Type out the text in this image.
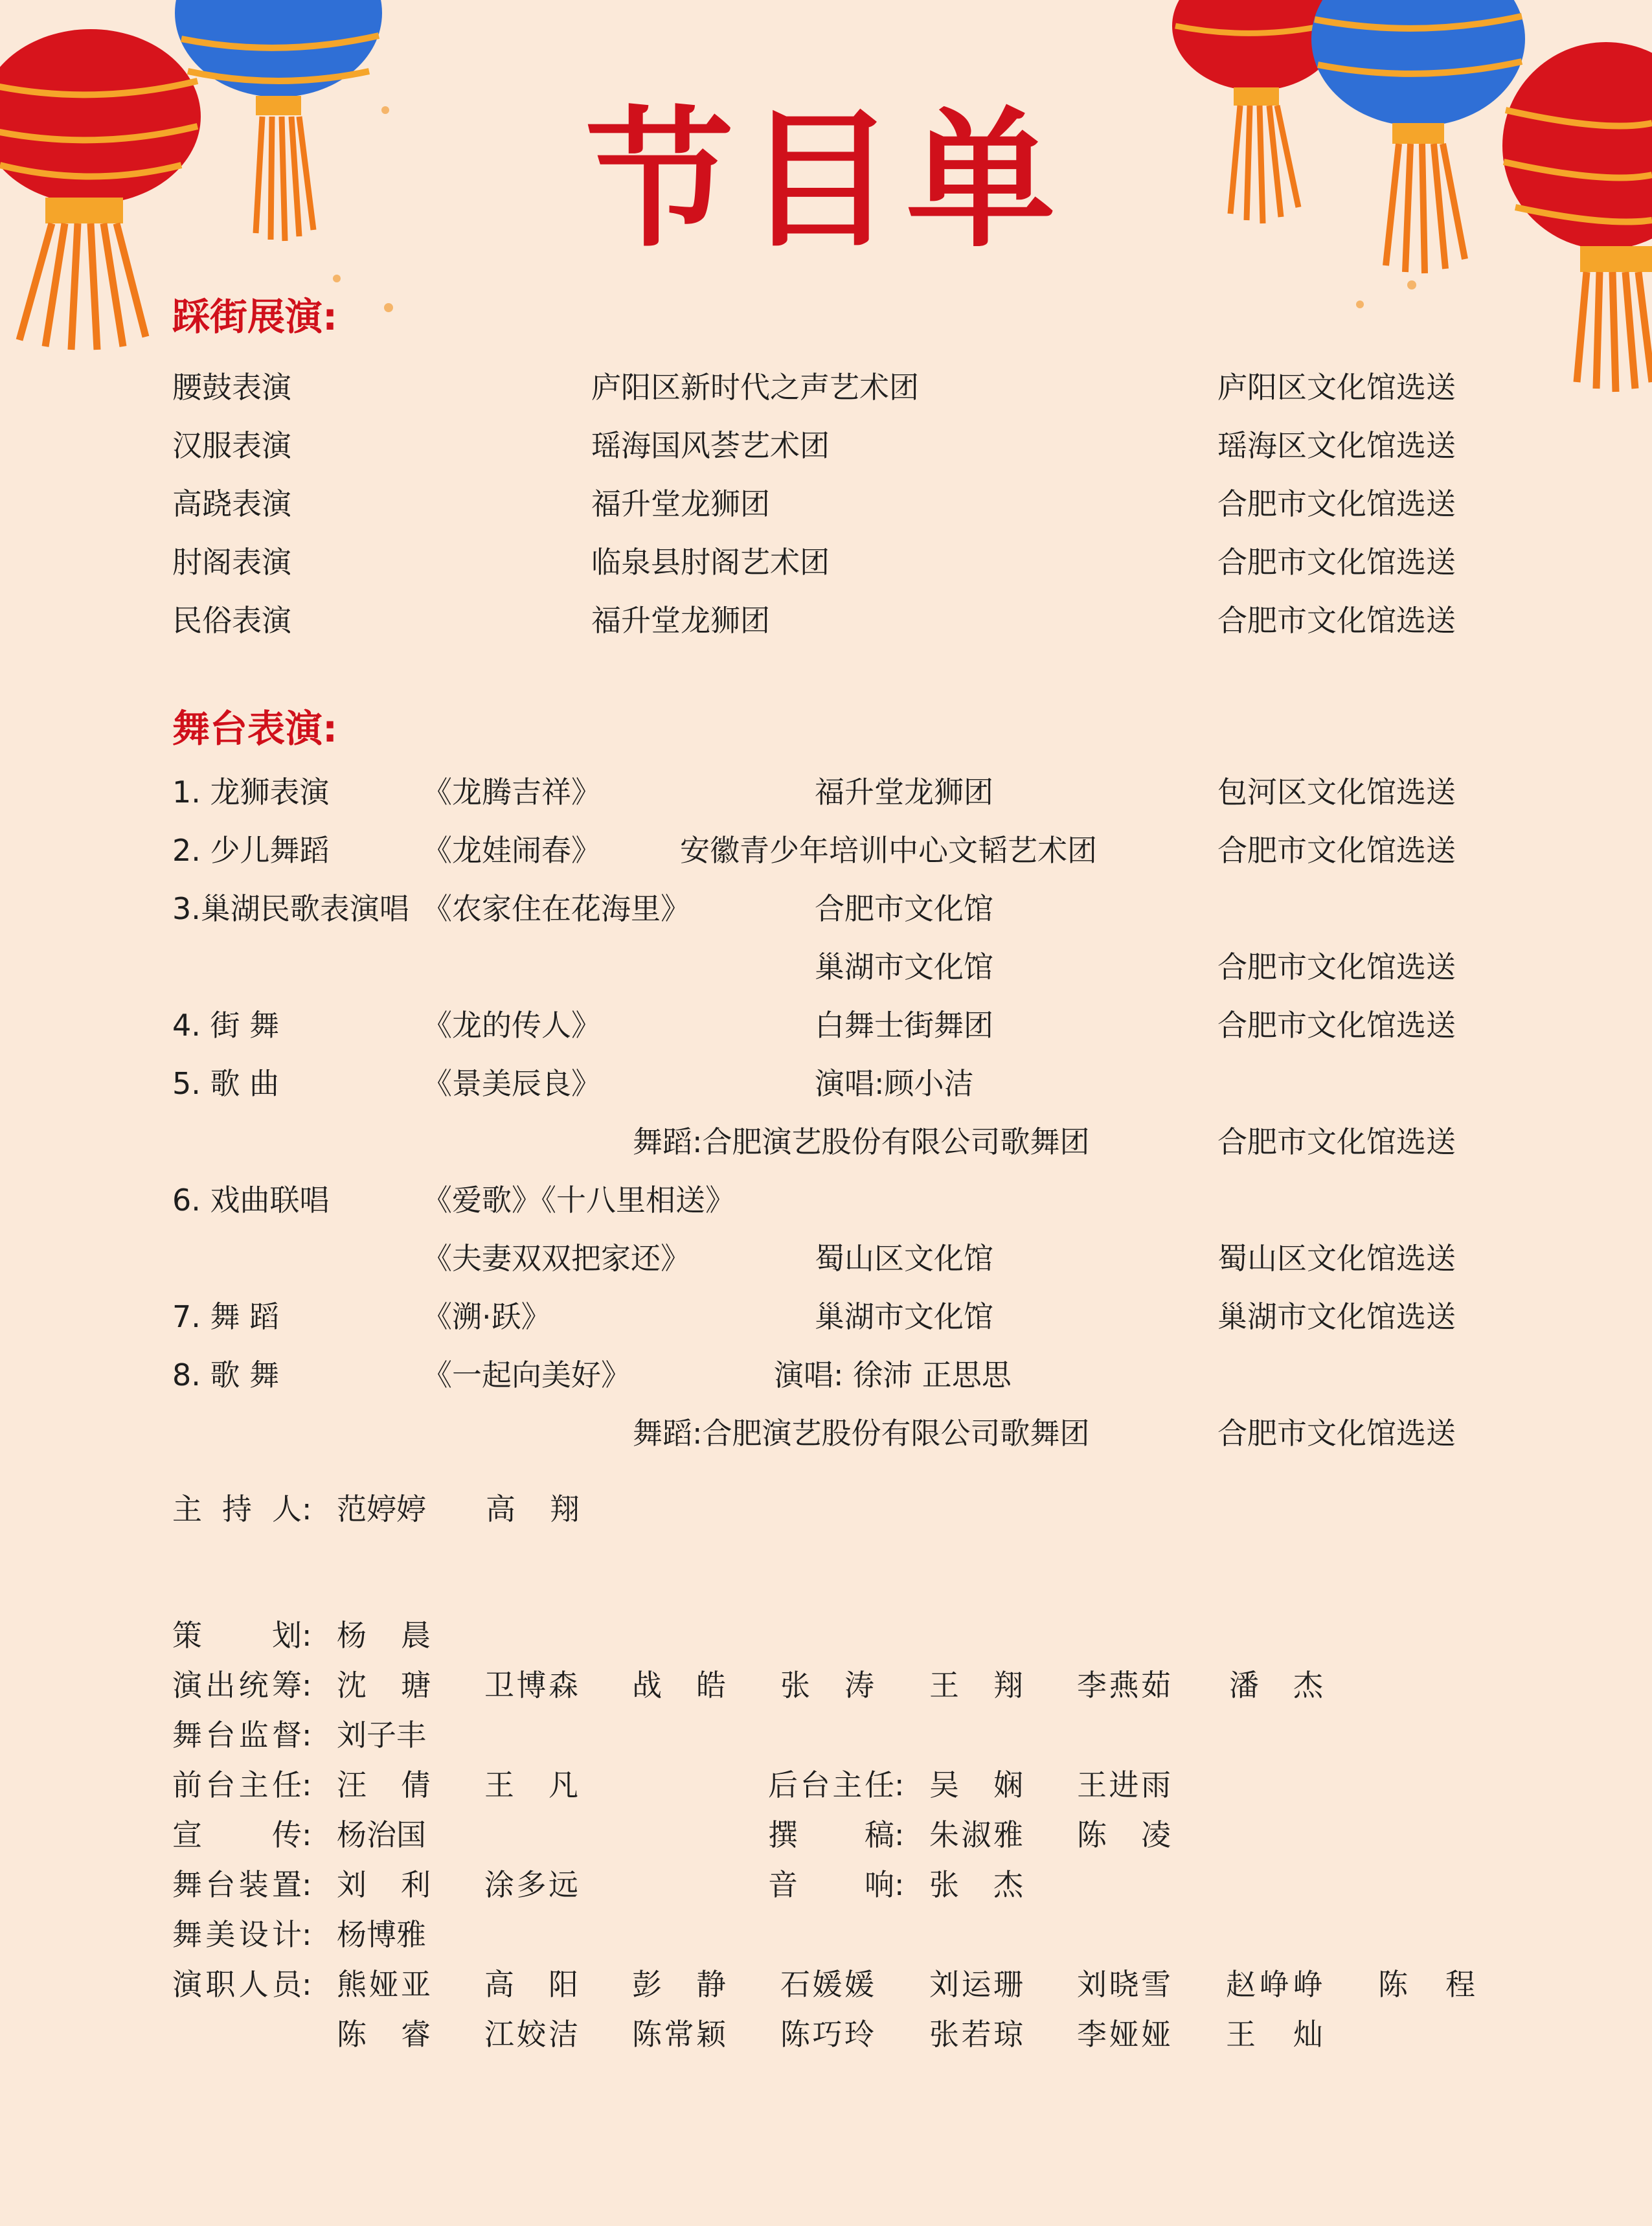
节目单
踩街展演:
腰鼓表演	庐阳区新时代之声艺术团	庐阳区文化馆选送
汉服表演	瑶海国风荟艺术团	瑶海区文化馆选送
高跷表演	福升堂龙狮团	合肥市文化馆选送
肘阁表演	临泉县肘阁艺术团	合肥市文化馆选送
民俗表演	福升堂龙狮团	合肥市文化馆选送
舞台表演:
1. 龙狮表演	《龙腾吉祥》	福升堂龙狮团	包河区文化馆选送
2. 少儿舞蹈	《龙娃闹春》	安徽青少年培训中心文韬艺术团	合肥市文化馆选送
3.巢湖民歌表演唱 《农家住在花海里》	合肥市文化馆
巢湖市文化馆	合肥市文化馆选送
4. 街 舞	《龙的传人》	白舞士街舞团	合肥市文化馆选送
5. 歌 曲	《景美辰良》	演唱:顾小洁
舞蹈:合肥演艺股份有限公司歌舞团	合肥市文化馆选送
6. 戏曲联唱	《爱歌》《十八里相送》
《夫妻双双把家还》	蜀山区文化馆	蜀山区文化馆选送
7. 舞 蹈	《溯·跃》	巢湖市文化馆	巢湖市文化馆选送
8. 歌 舞	《一起向美好》	演唱: 徐沛 正思思
舞蹈:合肥演艺股份有限公司歌舞团	合肥市文化馆选送
主持人 : 范婷婷 高翔
策划 : 杨晨
演出统筹 : 沈瑭 卫博森 战皓 张涛 王翔 李燕茹 潘杰
舞台监督 : 刘子丰
前台主任 : 汪倩 王凡	后台主任 : 吴娴 王进雨
宣传 : 杨治国	撰稿 : 朱淑雅 陈凌
舞台装置 : 刘利 涂多远	音响 : 张杰
舞美设计 : 杨博雅
演职人员 : 熊娅亚 高阳 彭静 石媛媛 刘运珊 刘晓雪 赵峥峥 陈程
陈睿 江姣洁 陈常颖 陈巧玲 张若琼 李娅娅 王灿
